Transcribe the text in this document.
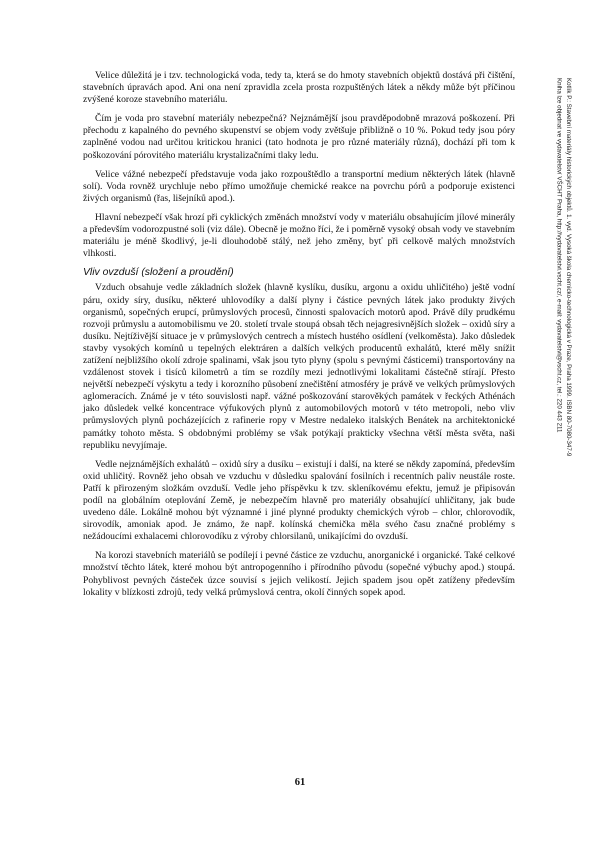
Velice důležitá je i tzv. technologická voda, tedy ta, která se do hmoty stavebních objektů dostává při čištění, stavebních úpravách apod. Ani ona není zpravidla zcela prosta rozpuštěných látek a někdy může být příčinou zvýšené koroze stavebního materiálu.

Čím je voda pro stavební materiály nebezpečná? Nejznámější jsou pravděpodobně mrazová poškození. Při přechodu z kapalného do pevného skupenství se objem vody zvětšuje přibližně o 10 %. Pokud tedy jsou póry zaplněné vodou nad určitou kritickou hranici (tato hodnota je pro různé materiály různá), dochází při tom k poškozování pórovitého materiálu krystalizačními tlaky ledu.

Velice vážné nebezpečí představuje voda jako rozpouštědlo a transportní medium některých látek (hlavně solí). Voda rovněž urychluje nebo přímo umožňuje chemické reakce na povrchu pórů a podporuje existenci živých organismů (řas, lišejníků apod.).

Hlavní nebezpečí však hrozí při cyklických změnách množství vody v materiálu obsahujícím jílové minerály a především vodorozpustné soli (viz dále). Obecně je možno říci, že i poměrně vysoký obsah vody ve stavebním materiálu je méně škodlivý, je-li dlouhodobě stálý, než jeho změny, byť při celkově malých množstvích vlhkosti.

Vliv ovzduší (složení a proudění)

Vzduch obsahuje vedle základních složek (hlavně kyslíku, dusíku, argonu a oxidu uhličitého) ještě vodní páru, oxidy síry, dusíku, některé uhlovodíky a další plyny i částice pevných látek jako produkty živých organismů, sopečných erupcí, průmyslových procesů, činnosti spalovacích motorů apod. Právě díly prudkému rozvoji průmyslu a automobilismu ve 20. století trvale stoupá obsah těch nejagresivnějších složek – oxidů síry a dusíku. Nejtíživější situace je v průmyslových centrech a místech hustého osídlení (velkoměsta). Jako důsledek stavby vysokých komínů u tepelných elektráren a dalších velkých producentů exhalátů, které měly snížit zatížení nejbližšího okolí zdroje spalinami, však jsou tyto plyny (spolu s pevnými částicemi) transportovány na vzdálenost stovek i tisíců kilometrů a tím se rozdíly mezi jednotlivými lokalitami částečně stírají. Přesto největší nebezpečí výskytu a tedy i korozního působení znečištění atmosféry je právě ve velkých průmyslových aglomeracích. Známé je v této souvislosti např. vážné poškozování starověkých památek v řeckých Athénách jako důsledek velké koncentrace výfukových plynů z automobilových motorů v této metropoli, nebo vliv průmyslových plynů pocházejících z rafinerie ropy v Mestre nedaleko italských Benátek na architektonické památky tohoto města. S obdobnými problémy se však potýkají prakticky všechna větší města světa, naši republiku nevyjímaje.

Vedle nejznámějších exhalátů – oxidů síry a dusíku – existují i další, na které se někdy zapomíná, především oxid uhličitý. Rovněž jeho obsah ve vzduchu v důsledku spalování fosilních i recentních paliv neustále roste. Patří k přirozeným složkám ovzduší. Vedle jeho příspěvku k tzv. skleníkovému efektu, jemuž je připisován podíl na globálním oteplování Země, je nebezpečím hlavně pro materiály obsahující uhličitany, jak bude uvedeno dále. Lokálně mohou být významné i jiné plynné produkty chemických výrob – chlor, chlorovodík, sirovodík, amoniak apod. Je známo, že např. kolínská chemička měla svého času značné problémy s nežádoucími exhalacemi chlorovodíku z výroby chlorsilanů, unikajícími do ovzduší.

Na korozi stavebních materiálů se podílejí i pevné částice ze vzduchu, anorganické i organické. Také celkové množství těchto látek, které mohou být antropogenního i přírodního původu (sopečné výbuchy apod.) stoupá. Pohyblivost pevných částeček úzce souvisí s jejich velikostí. Jejich spadem jsou opět zatíženy především lokality v blízkosti zdrojů, tedy velká průmyslová centra, okolí činných sopek apod.

Kotlík P.: Stavební materiály historických objektů. 1. vyd. Vysoká škola chemicko-technologická v Praze, Praha 1999. ISBN 80-7080-347-9
Kniha lze objednat ve vydavatelství VŠCHT Praha, http://vydavatelstvi.vscht.cz/, e-mail: vydavatelstvi@vscht.cz, tel.: 220 443 211
61
